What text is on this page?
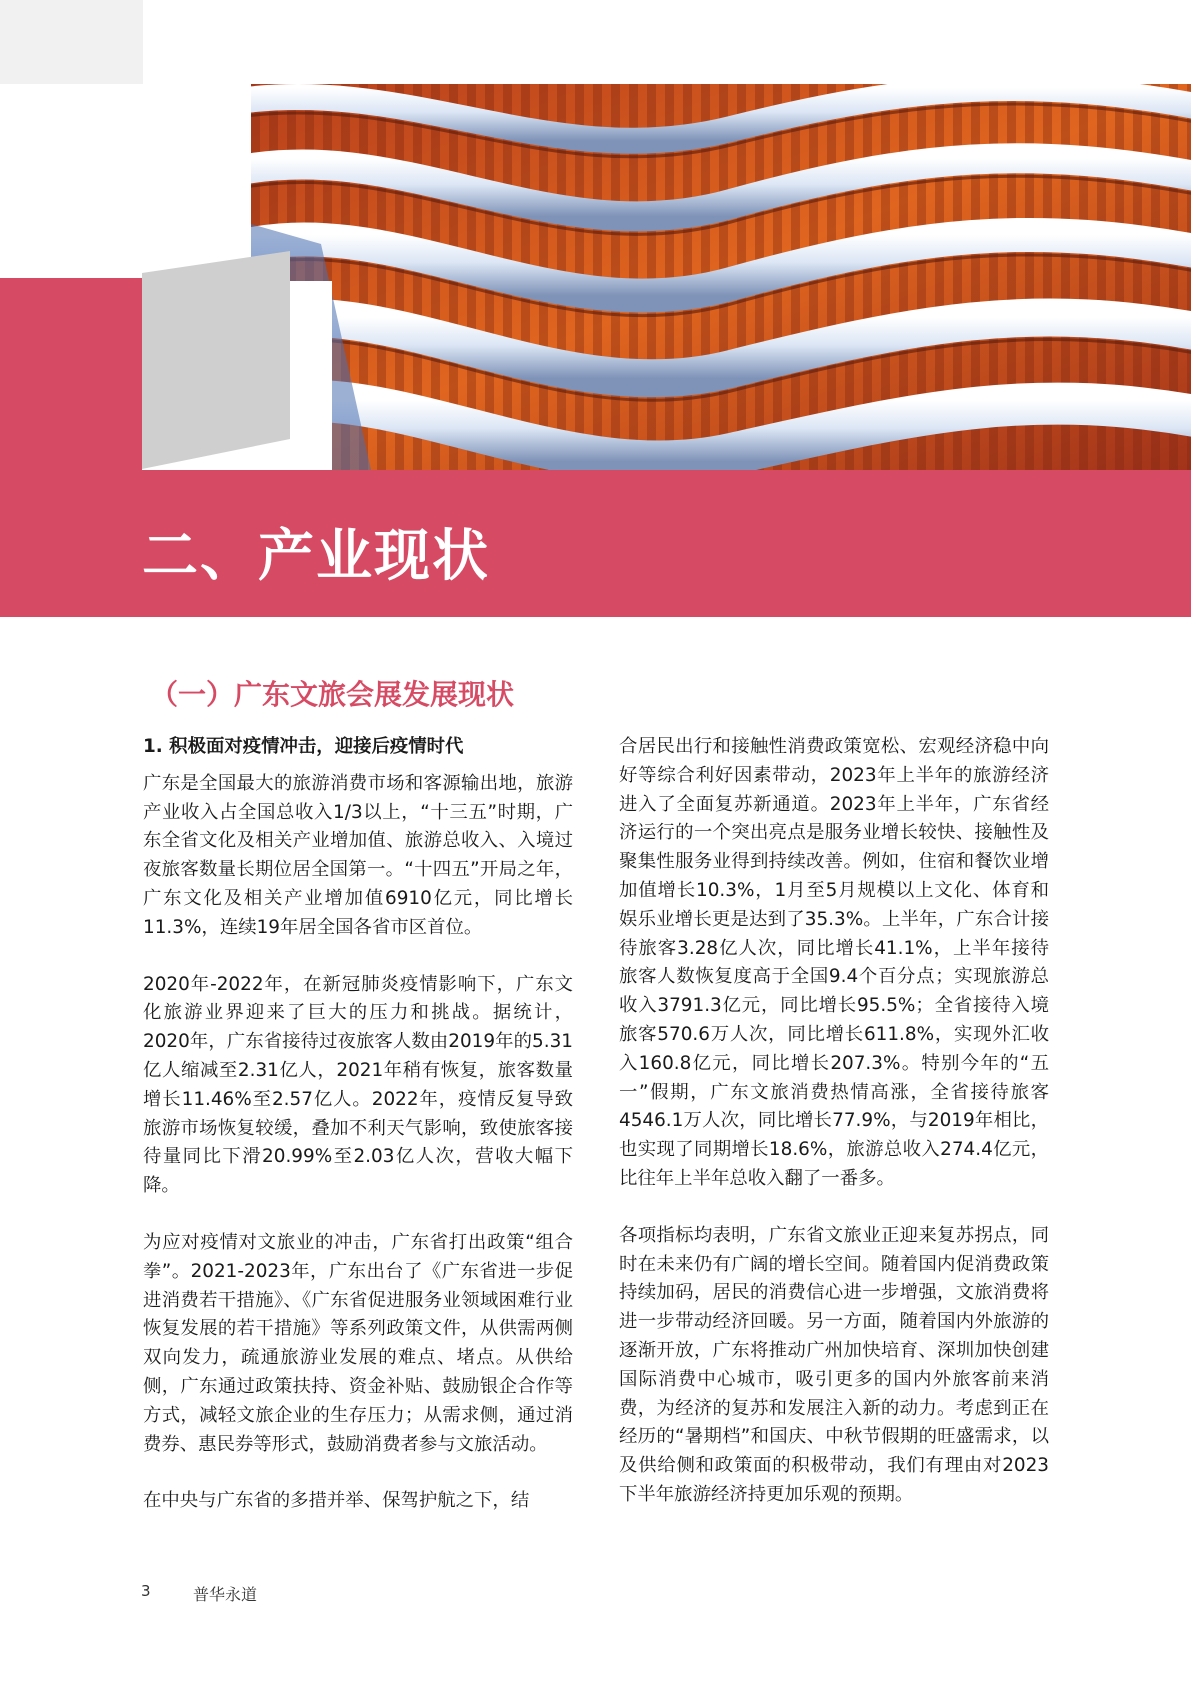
二、产业现状
（一）广东文旅会展发展现状

1. 积极面对疫情冲击，迎接后疫情时代

广东是全国最大的旅游消费市场和客源输出地，旅游产业收入占全国总收入1/3以上，“十三五”时期，广东全省文化及相关产业增加值、旅游总收入、入境过夜旅客数量长期位居全国第一。“十四五”开局之年，广东文化及相关产业增加值6910亿元，同比增长11.3%，连续19年居全国各省市区首位。

2020年-2022年，在新冠肺炎疫情影响下，广东文化旅游业界迎来了巨大的压力和挑战。据统计，2020年，广东省接待过夜旅客人数由2019年的5.31亿人缩减至2.31亿人，2021年稍有恢复，旅客数量增长11.46%至2.57亿人。2022年，疫情反复导致旅游市场恢复较缓，叠加不利天气影响，致使旅客接待量同比下滑20.99%至2.03亿人次，营收大幅下降。

为应对疫情对文旅业的冲击，广东省打出政策“组合拳”。2021-2023年，广东出台了《广东省进一步促进消费若干措施》、《广东省促进服务业领域困难行业恢复发展的若干措施》等系列政策文件，从供需两侧双向发力，疏通旅游业发展的难点、堵点。从供给侧，广东通过政策扶持、资金补贴、鼓励银企合作等方式，减轻文旅企业的生存压力；从需求侧，通过消费券、惠民券等形式，鼓励消费者参与文旅活动。

在中央与广东省的多措并举、保驾护航之下，结

合居民出行和接触性消费政策宽松、宏观经济稳中向好等综合利好因素带动，2023年上半年的旅游经济进入了全面复苏新通道。2023年上半年，广东省经济运行的一个突出亮点是服务业增长较快、接触性及聚集性服务业得到持续改善。例如，住宿和餐饮业增加值增长10.3%，1月至5月规模以上文化、体育和娱乐业增长更是达到了35.3%。上半年，广东合计接待旅客3.28亿人次，同比增长41.1%，上半年接待旅客人数恢复度高于全国9.4个百分点；实现旅游总收入3791.3亿元，同比增长95.5%；全省接待入境旅客570.6万人次，同比增长611.8%，实现外汇收入160.8亿元，同比增长207.3%。特别今年的“五一”假期，广东文旅消费热情高涨，全省接待旅客4546.1万人次，同比增长77.9%，与2019年相比，也实现了同期增长18.6%，旅游总收入274.4亿元，比往年上半年总收入翻了一番多。

各项指标均表明，广东省文旅业正迎来复苏拐点，同时在未来仍有广阔的增长空间。随着国内促消费政策持续加码，居民的消费信心进一步增强，文旅消费将进一步带动经济回暖。另一方面，随着国内外旅游的逐渐开放，广东将推动广州加快培育、深圳加快创建国际消费中心城市，吸引更多的国内外旅客前来消费，为经济的复苏和发展注入新的动力。考虑到正在经历的“暑期档”和国庆、中秋节假期的旺盛需求，以及供给侧和政策面的积极带动，我们有理由对2023下半年旅游经济持更加乐观的预期。

3	普华永道
